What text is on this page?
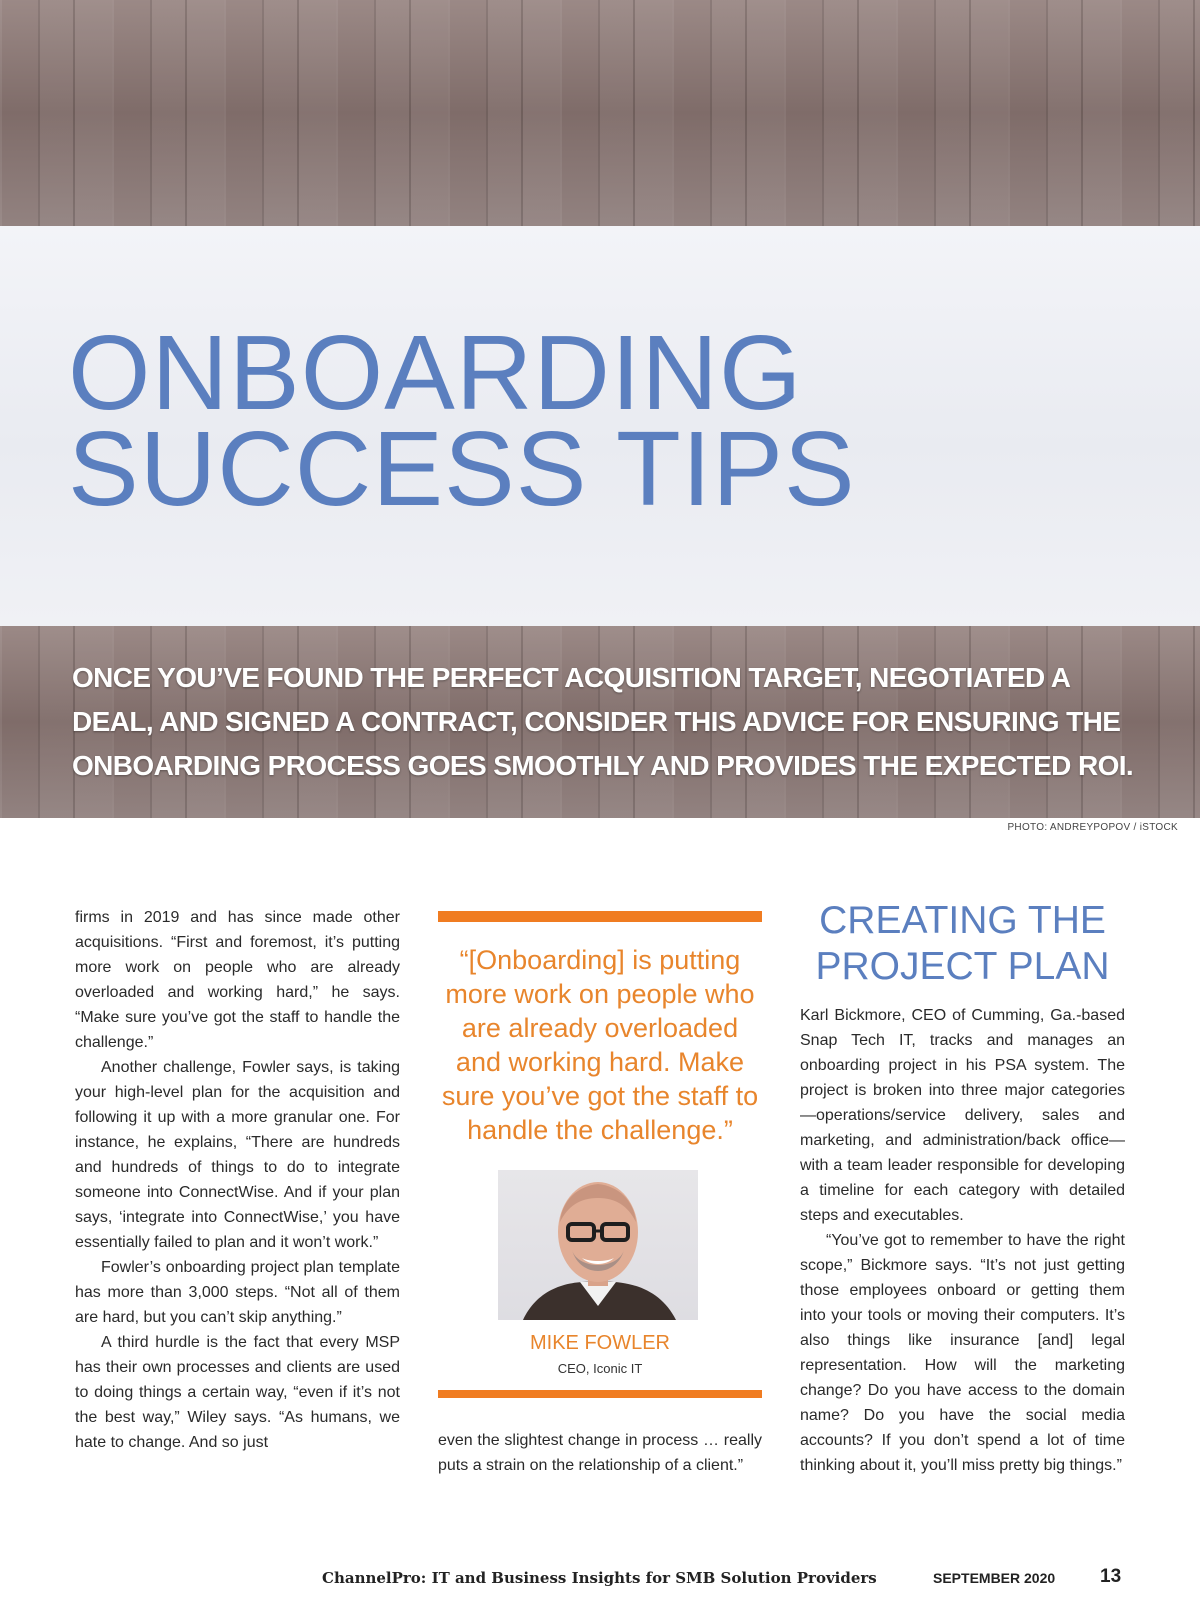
ONBOARDING
SUCCESS TIPS

ONCE YOU’VE FOUND THE PERFECT ACQUISITION TARGET, NEGOTIATED A
DEAL, AND SIGNED A CONTRACT, CONSIDER THIS ADVICE FOR ENSURING THE
ONBOARDING PROCESS GOES SMOOTHLY AND PROVIDES THE EXPECTED ROI.

PHOTO: ANDREYPOPOV / iSTOCK

firms in 2019 and has since made other acquisitions. “First and foremost, it’s putting more work on people who are already overloaded and working hard,” he says. “Make sure you’ve got the staff to handle the challenge.”

Another challenge, Fowler says, is taking your high-level plan for the acquisition and following it up with a more granular one. For instance, he explains, “There are hundreds and hundreds of things to do to integrate someone into ConnectWise. And if your plan says, ‘integrate into ConnectWise,’ you have essentially failed to plan and it won’t work.”

Fowler’s onboarding project plan template has more than 3,000 steps. “Not all of them are hard, but you can’t skip anything.”

A third hurdle is the fact that every MSP has their own processes and clients are used to doing things a certain way, “even if it’s not the best way,” Wiley says. “As humans, we hate to change. And so just

“[Onboarding] is putting more work on people who are already overloaded and working hard. Make sure you’ve got the staff to handle the challenge.”

MIKE FOWLER
CEO, Iconic IT

even the slightest change in process … really puts a strain on the relationship of a client.”

CREATING THE
PROJECT PLAN

Karl Bickmore, CEO of Cumming, Ga.-based Snap Tech IT, tracks and manages an onboarding project in his PSA system. The project is broken into three major categories—operations/service delivery, sales and marketing, and administration/back office—with a team leader responsible for developing a timeline for each category with detailed steps and executables.

“You’ve got to remember to have the right scope,” Bickmore says. “It’s not just getting those employees onboard or getting them into your tools or moving their computers. It’s also things like insurance [and] legal representation. How will the marketing change? Do you have access to the domain name? Do you have the social media accounts? If you don’t spend a lot of time thinking about it, you’ll miss pretty big things.”

ChannelPro: IT and Business Insights for SMB Solution Providers	SEPTEMBER 2020 13
